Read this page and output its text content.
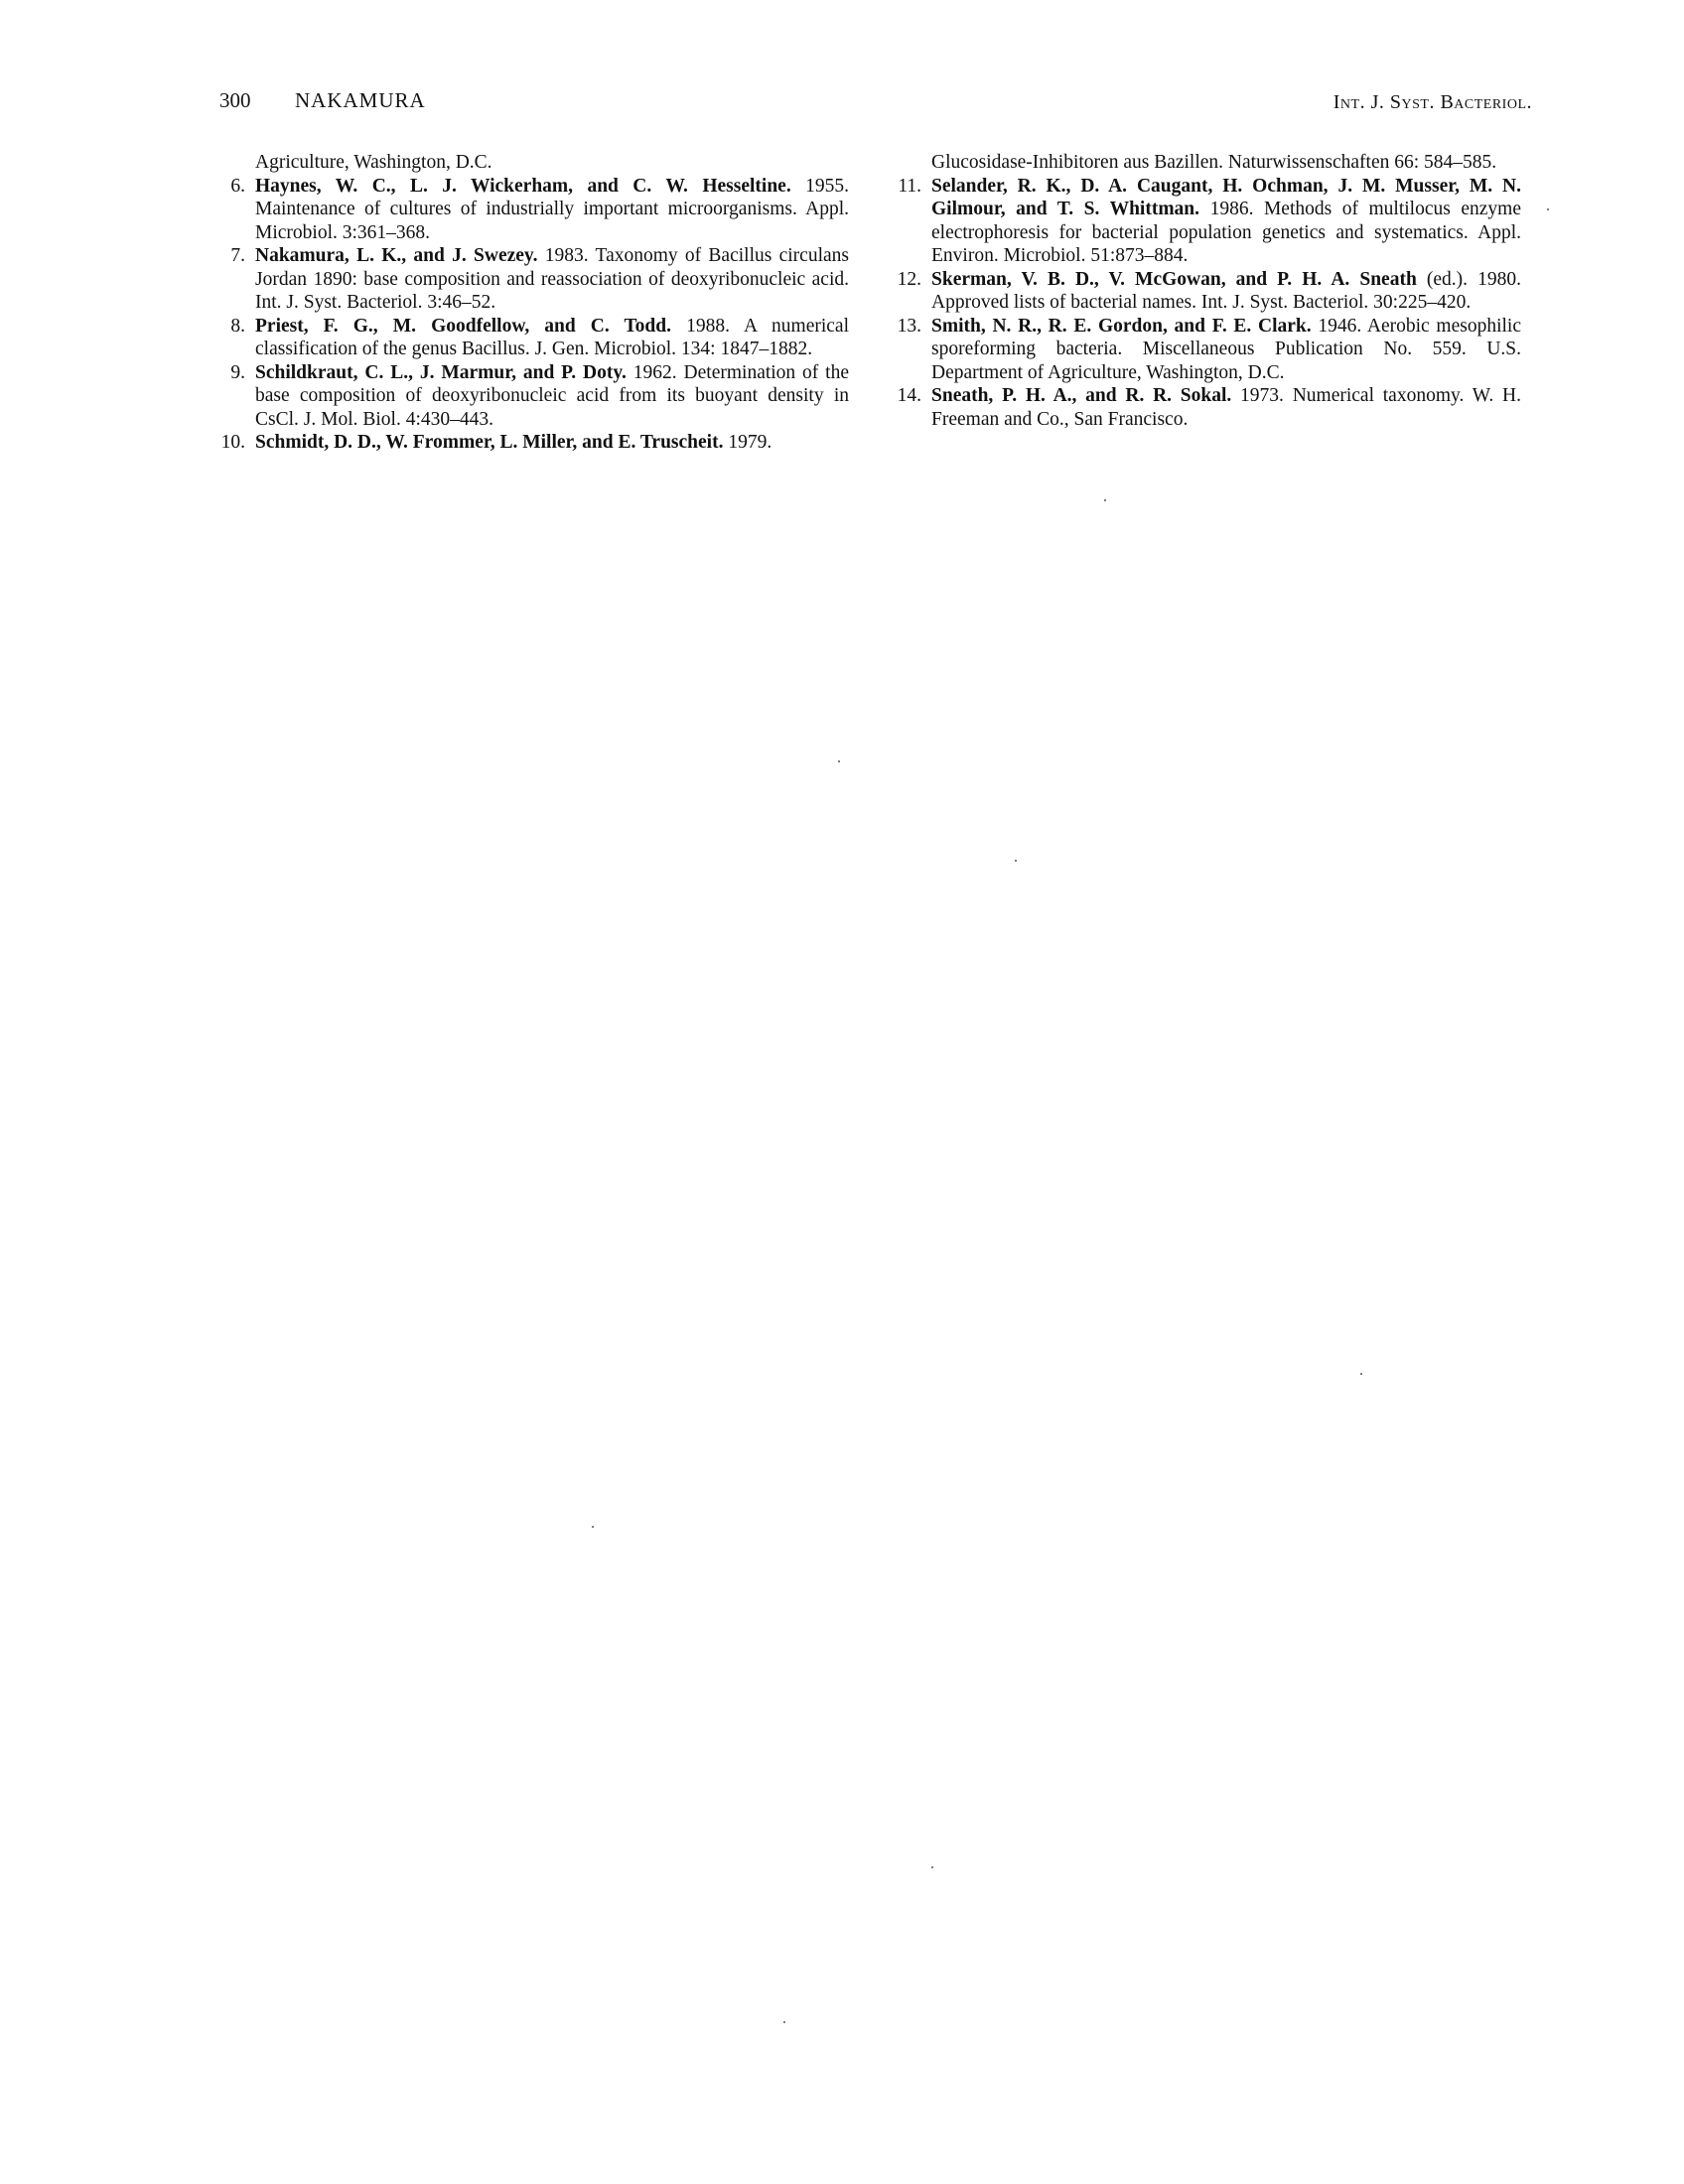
300 NAKAMURA	Int. J. Syst. Bacteriol.

Agriculture, Washington, D.C.

6. Haynes, W. C., L. J. Wickerham, and C. W. Hesseltine. 1955. Maintenance of cultures of industrially important microorganisms. Appl. Microbiol. 3:361–368.

7. Nakamura, L. K., and J. Swezey. 1983. Taxonomy of Bacillus circulans Jordan 1890: base composition and reassociation of deoxyribonucleic acid. Int. J. Syst. Bacteriol. 3:46–52.

8. Priest, F. G., M. Goodfellow, and C. Todd. 1988. A numerical classification of the genus Bacillus. J. Gen. Microbiol. 134: 1847–1882.

9. Schildkraut, C. L., J. Marmur, and P. Doty. 1962. Determination of the base composition of deoxyribonucleic acid from its buoyant density in CsCl. J. Mol. Biol. 4:430–443.

10. Schmidt, D. D., W. Frommer, L. Miller, and E. Truscheit. 1979.

Glucosidase-Inhibitoren aus Bazillen. Naturwissenschaften 66: 584–585.

11. Selander, R. K., D. A. Caugant, H. Ochman, J. M. Musser, M. N. Gilmour, and T. S. Whittman. 1986. Methods of multilocus enzyme electrophoresis for bacterial population genetics and systematics. Appl. Environ. Microbiol. 51:873–884.

12. Skerman, V. B. D., V. McGowan, and P. H. A. Sneath (ed.). 1980. Approved lists of bacterial names. Int. J. Syst. Bacteriol. 30:225–420.

13. Smith, N. R., R. E. Gordon, and F. E. Clark. 1946. Aerobic mesophilic sporeforming bacteria. Miscellaneous Publication No. 559. U.S. Department of Agriculture, Washington, D.C.

14. Sneath, P. H. A., and R. R. Sokal. 1973. Numerical taxonomy. W. H. Freeman and Co., San Francisco.
